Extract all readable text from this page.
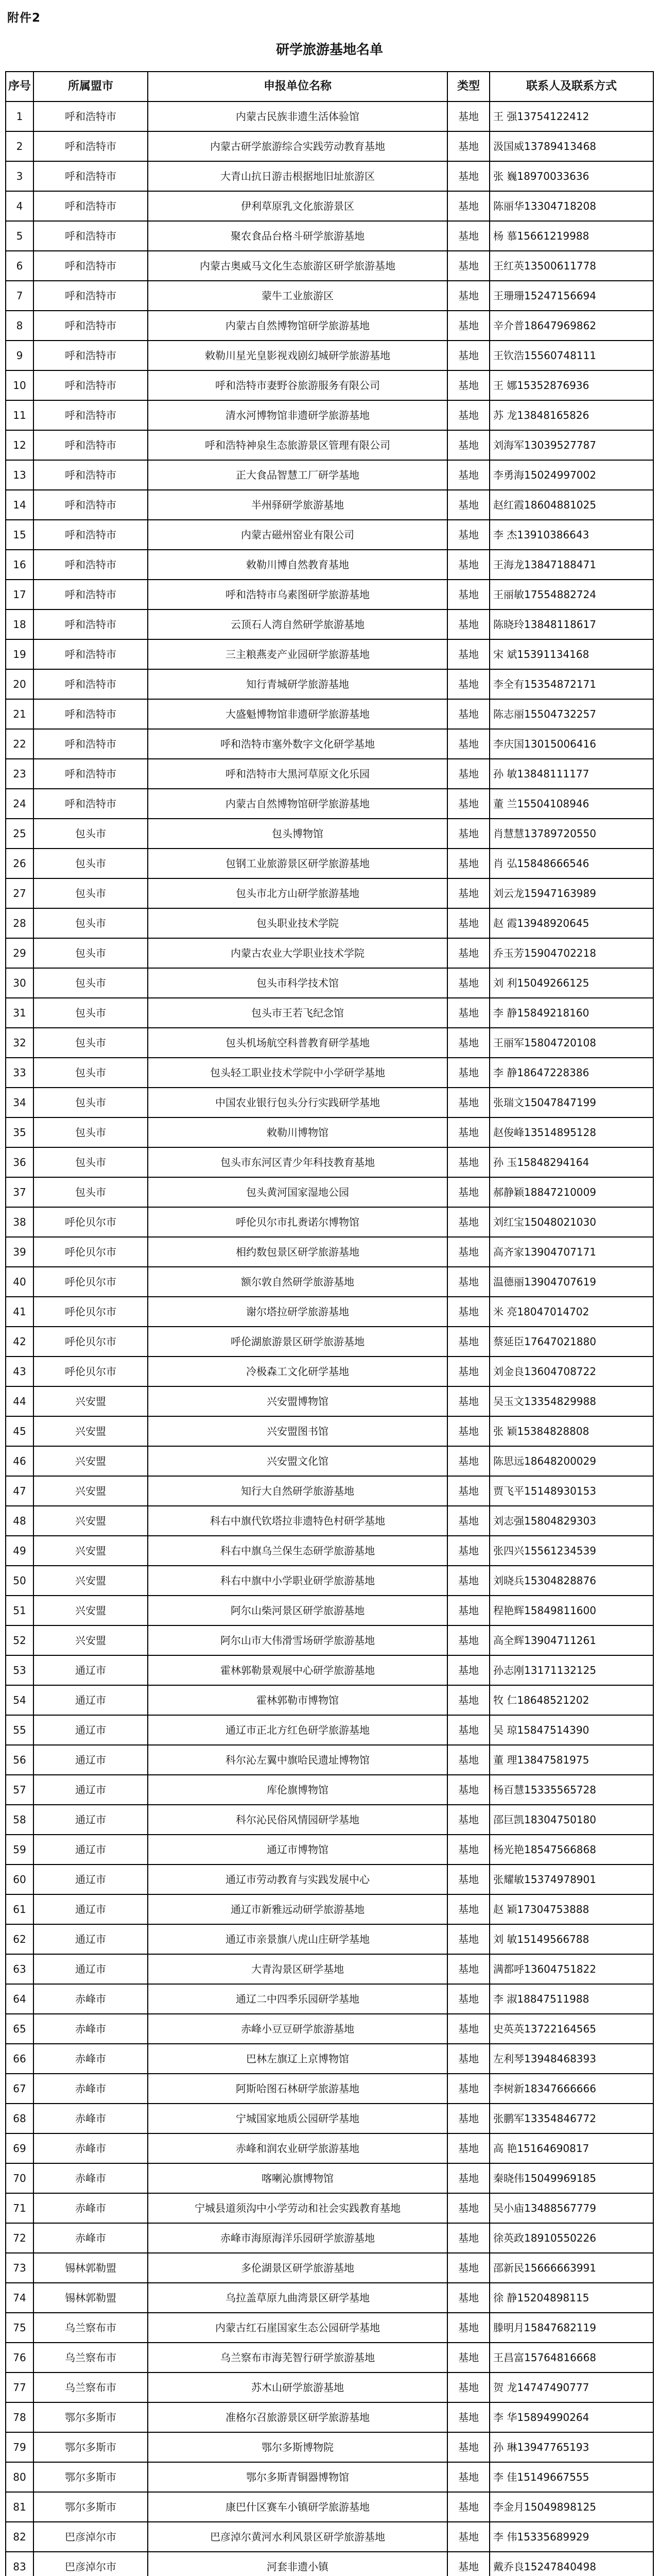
附件2
研学旅游基地名单
序号	所属盟市	申报单位名称	类型	联系人及联系方式
1	呼和浩特市	内蒙古民族非遗生活体验馆	基地	王 强13754122412
2	呼和浩特市	内蒙古研学旅游综合实践劳动教育基地	基地	汲国威13789413468
3	呼和浩特市	大青山抗日游击根据地旧址旅游区	基地	张 巍18970033636
4	呼和浩特市	伊利草原乳文化旅游景区	基地	陈丽华13304718208
5	呼和浩特市	聚农食品台格斗研学旅游基地	基地	杨 慕15661219988
6	呼和浩特市	内蒙古奥威马文化生态旅游区研学旅游基地	基地	王红英13500611778
7	呼和浩特市	蒙牛工业旅游区	基地	王珊珊15247156694
8	呼和浩特市	内蒙古自然博物馆研学旅游基地	基地	辛介普18647969862
9	呼和浩特市	敕勒川星光皇影视戏剧幻城研学旅游基地	基地	王钦浩15560748111
10	呼和浩特市	呼和浩特市妻野谷旅游服务有限公司	基地	王 娜15352876936
11	呼和浩特市	清水河博物馆非遗研学旅游基地	基地	苏 龙13848165826
12	呼和浩特市	呼和浩特神泉生态旅游景区管理有限公司	基地	刘海军13039527787
13	呼和浩特市	正大食品智慧工厂研学基地	基地	李勇海15024997002
14	呼和浩特市	半州驿研学旅游基地	基地	赵红霞18604881025
15	呼和浩特市	内蒙古磁州窑业有限公司	基地	李 杰13910386643
16	呼和浩特市	敕勒川博自然教育基地	基地	王海龙13847188471
17	呼和浩特市	呼和浩特市乌素图研学旅游基地	基地	王丽敏17554882724
18	呼和浩特市	云顶石人湾自然研学旅游基地	基地	陈晓玲13848118617
19	呼和浩特市	三主粮燕麦产业园研学旅游基地	基地	宋 斌15391134168
20	呼和浩特市	知行青城研学旅游基地	基地	李全有15354872171
21	呼和浩特市	大盛魁博物馆非遗研学旅游基地	基地	陈志丽15504732257
22	呼和浩特市	呼和浩特市塞外数字文化研学基地	基地	李庆国13015006416
23	呼和浩特市	呼和浩特市大黑河草原文化乐园	基地	孙 敏13848111177
24	呼和浩特市	内蒙古自然博物馆研学旅游基地	基地	董 兰15504108946
25	包头市	包头博物馆	基地	肖慧慧13789720550
26	包头市	包钢工业旅游景区研学旅游基地	基地	肖 弘15848666546
27	包头市	包头市北方山研学旅游基地	基地	刘云龙15947163989
28	包头市	包头职业技术学院	基地	赵 霞13948920645
29	包头市	内蒙古农业大学职业技术学院	基地	乔玉芳15904702218
30	包头市	包头市科学技术馆	基地	刘 利15049266125
31	包头市	包头市王若飞纪念馆	基地	李 静15849218160
32	包头市	包头机场航空科普教育研学基地	基地	王丽军15804720108
33	包头市	包头轻工职业技术学院中小学研学基地	基地	李 静18647228386
34	包头市	中国农业银行包头分行实践研学基地	基地	张瑞文15047847199
35	包头市	敕勒川博物馆	基地	赵俊峰13514895128
36	包头市	包头市东河区青少年科技教育基地	基地	孙 玉15848294164
37	包头市	包头黄河国家湿地公园	基地	郝静颖18847210009
38	呼伦贝尔市	呼伦贝尔市扎赉诺尔博物馆	基地	刘红宝15048021030
39	呼伦贝尔市	相约数包景区研学旅游基地	基地	高齐家13904707171
40	呼伦贝尔市	额尔敦自然研学旅游基地	基地	温德丽13904707619
41	呼伦贝尔市	谢尔塔拉研学旅游基地	基地	米 亮18047014702
42	呼伦贝尔市	呼伦湖旅游景区研学旅游基地	基地	蔡延臣17647021880
43	呼伦贝尔市	冷极森工文化研学基地	基地	刘金良13604708722
44	兴安盟	兴安盟博物馆	基地	吴玉文13354829988
45	兴安盟	兴安盟图书馆	基地	张 颖15384828808
46	兴安盟	兴安盟文化馆	基地	陈思远18648200029
47	兴安盟	知行大自然研学旅游基地	基地	贾飞平15148930153
48	兴安盟	科右中旗代钦塔拉非遗特色村研学基地	基地	刘志强15804829303
49	兴安盟	科右中旗乌兰保生态研学旅游基地	基地	张四兴15561234539
50	兴安盟	科右中旗中小学职业研学旅游基地	基地	刘晓兵15304828876
51	兴安盟	阿尔山柴河景区研学旅游基地	基地	程艳辉15849811600
52	兴安盟	阿尔山市大伟滑雪场研学旅游基地	基地	高全辉13904711261
53	通辽市	霍林郭勒景观展中心研学旅游基地	基地	孙志刚13171132125
54	通辽市	霍林郭勒市博物馆	基地	牧 仁18648521202
55	通辽市	通辽市正北方红色研学旅游基地	基地	吴 琼15847514390
56	通辽市	科尔沁左翼中旗哈民遗址博物馆	基地	董 理13847581975
57	通辽市	库伦旗博物馆	基地	杨百慧15335565728
58	通辽市	科尔沁民俗风情园研学基地	基地	邵巨凯18304750180
59	通辽市	通辽市博物馆	基地	杨光艳18547566868
60	通辽市	通辽市劳动教育与实践发展中心	基地	张耀敏15374978901
61	通辽市	通辽市新雅远动研学旅游基地	基地	赵 颖17304753888
62	通辽市	通辽市亲景旗八虎山庄研学基地	基地	刘 敏15149566788
63	通辽市	大青沟景区研学基地	基地	满都呼13604751822
64	赤峰市	通辽二中四季乐园研学基地	基地	李 淑18847511988
65	赤峰市	赤峰小豆豆研学旅游基地	基地	史英英13722164565
66	赤峰市	巴林左旗辽上京博物馆	基地	左利琴13948468393
67	赤峰市	阿斯哈图石林研学旅游基地	基地	李树新18347666666
68	赤峰市	宁城国家地质公园研学基地	基地	张鹏军13354846772
69	赤峰市	赤峰和润农业研学旅游基地	基地	高 艳15164690817
70	赤峰市	喀喇沁旗博物馆	基地	秦晓伟15049969185
71	赤峰市	宁城县道须沟中小学劳动和社会实践教育基地	基地	吴小庙13488567779
72	赤峰市	赤峰市海原海洋乐园研学旅游基地	基地	徐英政18910550226
73	锡林郭勒盟	多伦湖景区研学旅游基地	基地	邵新民15666663991
74	锡林郭勒盟	乌拉盖草原九曲湾景区研学基地	基地	徐 静15204898115
75	乌兰察布市	内蒙古红石崖国家生态公园研学基地	基地	滕明月15847682119
76	乌兰察布市	乌兰察布市海芜智行研学旅游基地	基地	王昌富15764816668
77	乌兰察布市	苏木山研学旅游基地	基地	贺 龙14747490777
78	鄂尔多斯市	准格尔召旅游景区研学旅游基地	基地	李 华15894990264
79	鄂尔多斯市	鄂尔多斯博物院	基地	孙 琳13947765193
80	鄂尔多斯市	鄂尔多斯青铜器博物馆	基地	李 佳15149667555
81	鄂尔多斯市	康巴什区赛车小镇研学旅游基地	基地	李金月15049898125
82	巴彦淖尔市	巴彦淖尔黄河水利风景区研学旅游基地	基地	李 伟15335689929
83	巴彦淖尔市	河套非遗小镇	基地	戴乔良15247840498
